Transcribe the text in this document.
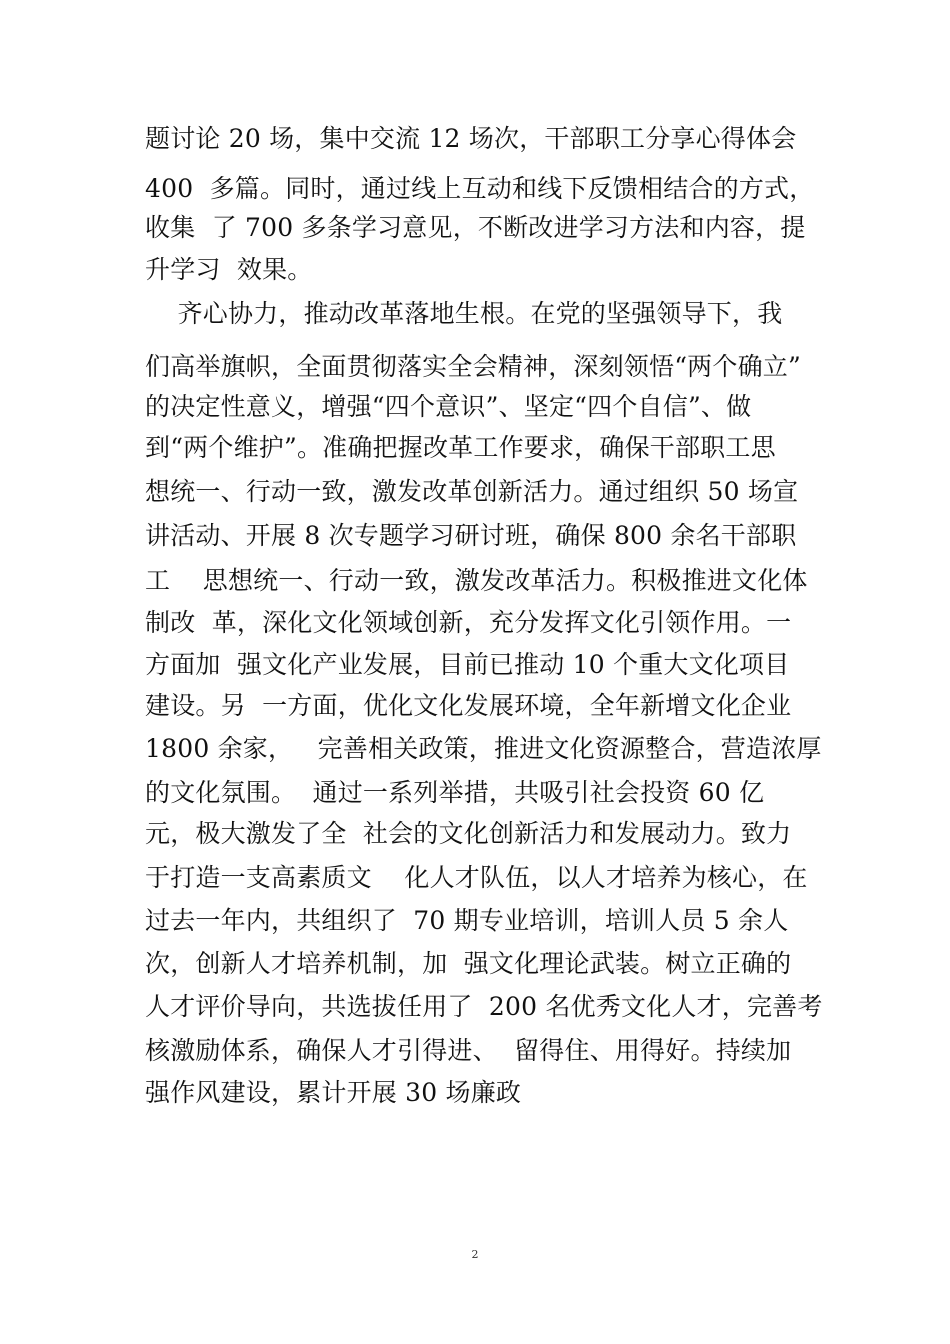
题讨论 20 场，集中交流 12 场次，干部职工分享心得体会
400  多篇。同时，通过线上互动和线下反馈相结合的方式，
收集  了 700 多条学习意见，不断改进学习方法和内容，提
升学习  效果。
齐心协力，推动改革落地生根。在党的坚强领导下，我
们高举旗帜，全面贯彻落实全会精神，深刻领悟“两个确立”
的决定性意义，增强“四个意识”、坚定“四个自信”、做
到“两个维护”。准确把握改革工作要求，确保干部职工思
想统一、行动一致，激发改革创新活力。通过组织 50 场宣
讲活动、开展 8 次专题学习研讨班，确保 800 余名干部职
工    思想统一、行动一致，激发改革活力。积极推进文化体
制改  革，深化文化领域创新，充分发挥文化引领作用。一
方面加  强文化产业发展，目前已推动 10 个重大文化项目
建设。另  一方面，优化文化发展环境，全年新增文化企业
1800 余家，   完善相关政策，推进文化资源整合，营造浓厚
的文化氛围。  通过一系列举措，共吸引社会投资 60 亿
元，极大激发了全  社会的文化创新活力和发展动力。致力
于打造一支高素质文    化人才队伍，以人才培养为核心，在
过去一年内，共组织了  70 期专业培训，培训人员 5 余人
次，创新人才培养机制，加  强文化理论武装。树立正确的
人才评价导向，共选拔任用了  200 名优秀文化人才，完善考
核激励体系，确保人才引得进、  留得住、用得好。持续加
强作风建设，累计开展 30 场廉政
2
